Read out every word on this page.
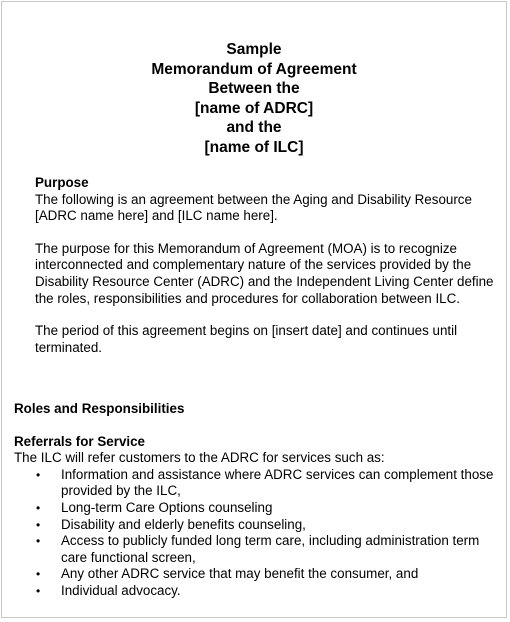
Sample
Memorandum of Agreement
Between the
[name of ADRC]
and the
[name of ILC]
Purpose

The following is an agreement between the Aging and Disability Resource [ADRC name here] and [ILC name here].

The purpose for this Memorandum of Agreement (MOA) is to recognize interconnected and complementary nature of the services provided by the Disability Resource Center (ADRC) and the Independent Living Center define the roles, responsibilities and procedures for collaboration between ILC.

The period of this agreement begins on [insert date] and continues until terminated.

Roles and Responsibilities
Referrals for Service

The ILC will refer customers to the ADRC for services such as:

• Information and assistance where ADRC services can complement those provided by the ILC,
• Long-term Care Options counseling
• Disability and elderly benefits counseling,
• Access to publicly funded long term care, including administration term care functional screen,
• Any other ADRC service that may benefit the consumer, and
• Individual advocacy.
